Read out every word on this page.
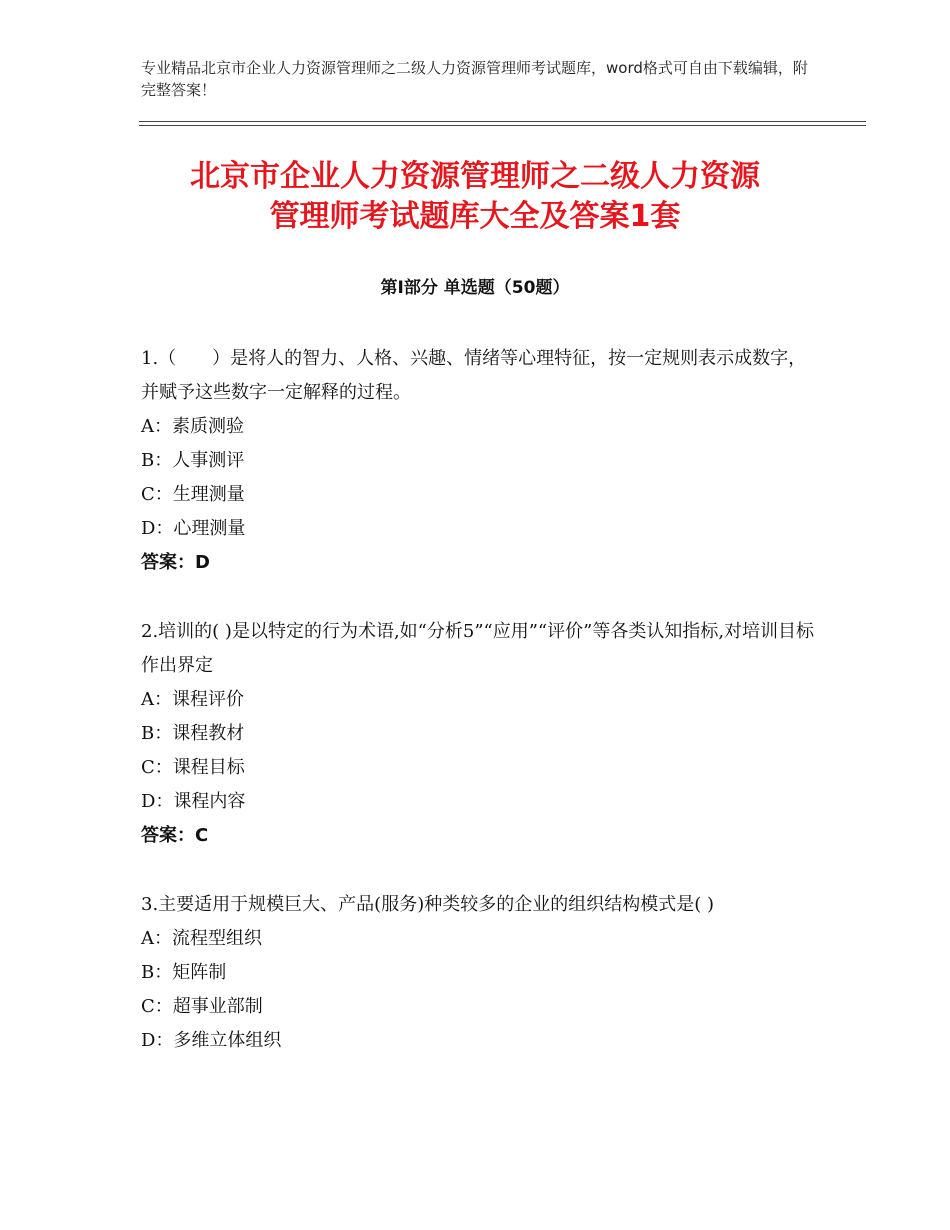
专业精品北京市企业人力资源管理师之二级人力资源管理师考试题库，word格式可自由下载编辑，附完整答案！
北京市企业人力资源管理师之二级人力资源
管理师考试题库大全及答案1套
第Ⅰ部分 单选题（50题）

1.（　　）是将人的智力、人格、兴趣、情绪等心理特征，按一定规则表示成数字，并赋予这些数字一定解释的过程。

A：素质测验

B：人事测评

C：生理测量

D：心理测量

答案：D

2.培训的( )是以特定的行为术语,如“分析5”“应用”“评价”等各类认知指标,对培训目标作出界定

A：课程评价

B：课程教材

C：课程目标

D：课程内容

答案：C

3.主要适用于规模巨大、产品(服务)种类较多的企业的组织结构模式是( )

A：流程型组织

B：矩阵制

C：超事业部制

D：多维立体组织
